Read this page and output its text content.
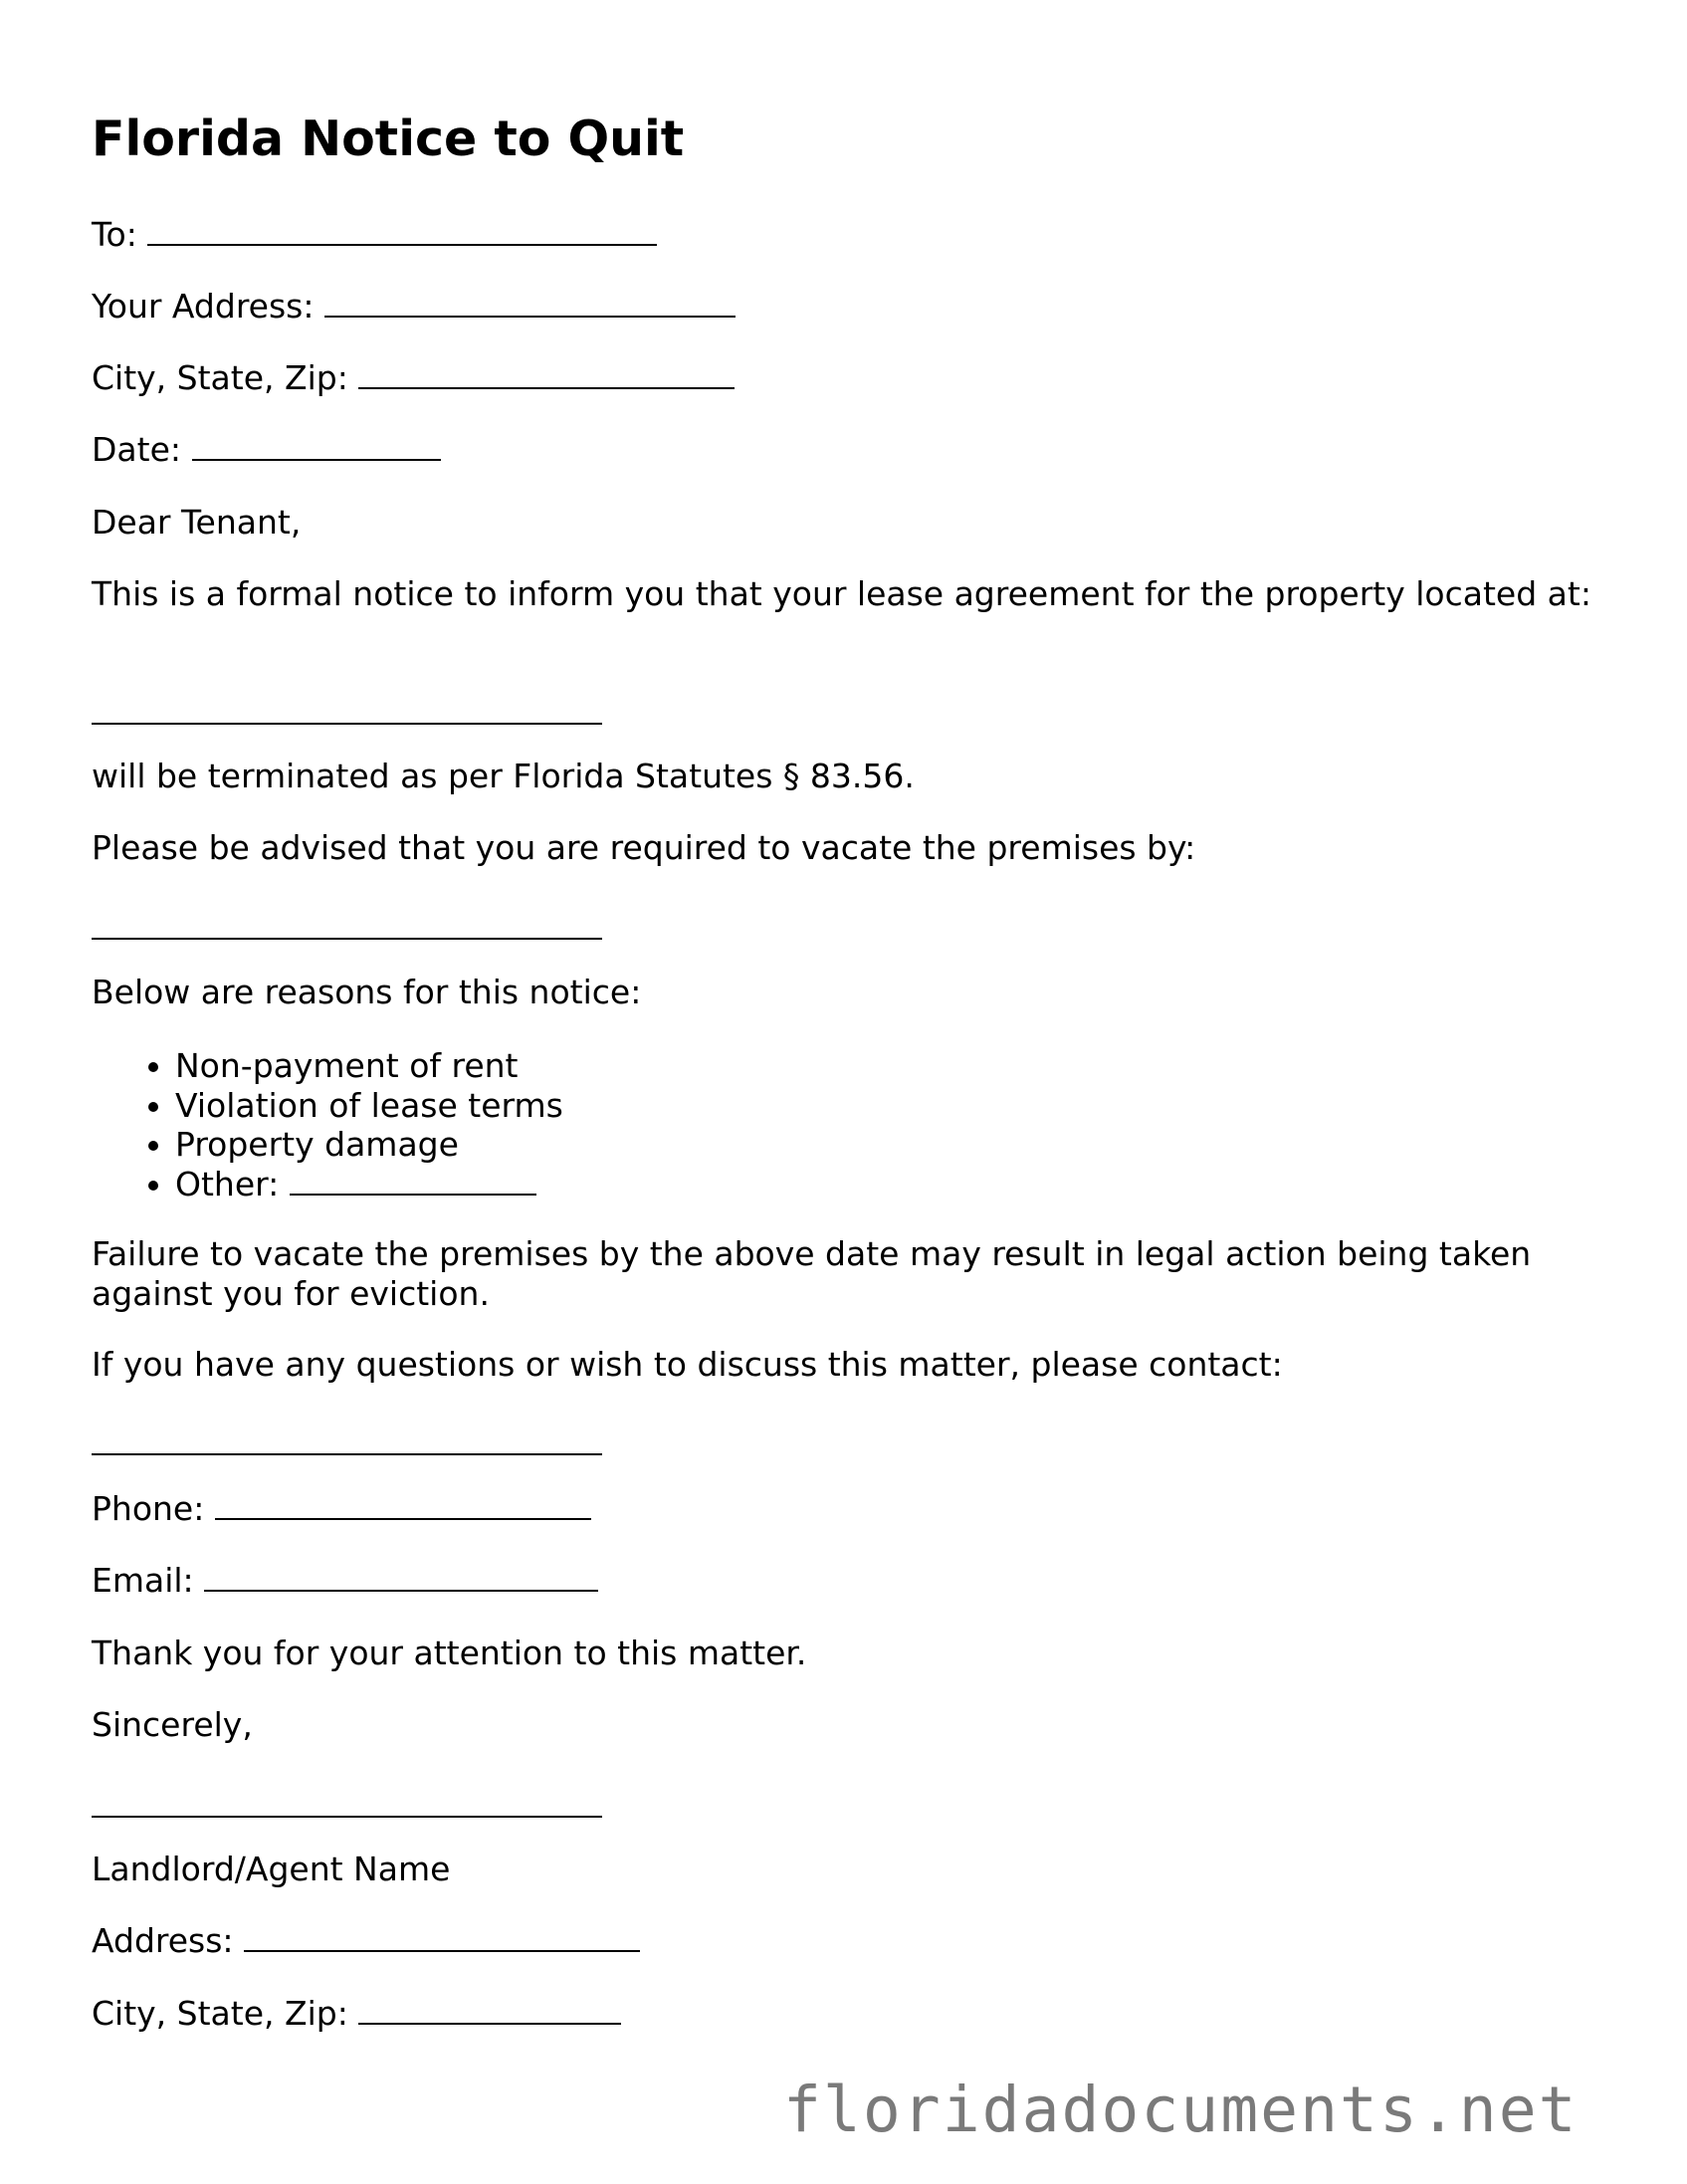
Florida Notice to Quit
To:
Your Address:
City, State, Zip:
Date:
Dear Tenant,
This is a formal notice to inform you that your lease agreement for the property located at:
will be terminated as per Florida Statutes § 83.56.
Please be advised that you are required to vacate the premises by:
Below are reasons for this notice:
• Non-payment of rent
• Violation of lease terms
• Property damage
• Other:
Failure to vacate the premises by the above date may result in legal action being taken against you for eviction.
If you have any questions or wish to discuss this matter, please contact:
Phone:
Email:
Thank you for your attention to this matter.
Sincerely,
Landlord/Agent Name
Address:
City, State, Zip:
floridadocuments.net
